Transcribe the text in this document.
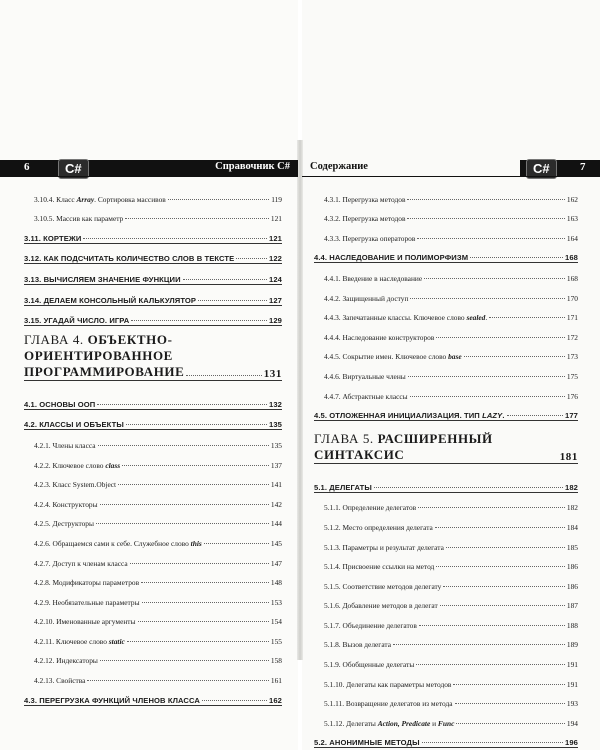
6	C#	Справочник C# Содержание	C#	7
3.10.4. Класс Array. Сортировка массивов	119
3.10.5. Массив как параметр	121
3.11. КОРТЕЖИ	121
3.12. КАК ПОДСЧИТАТЬ КОЛИЧЕСТВО СЛОВ В ТЕКСТЕ	122
3.13. ВЫЧИСЛЯЕМ ЗНАЧЕНИЕ ФУНКЦИИ	124
3.14. ДЕЛАЕМ КОНСОЛЬНЫЙ КАЛЬКУЛЯТОР	127
3.15. УГАДАЙ ЧИСЛО. ИГРА	129
ГЛАВА 4. ОБЪЕКТНО-ОРИЕНТИРОВАННОЕ
ПРОГРАММИРОВАНИЕ	131
4.1. ОСНОВЫ ООП	132
4.2. КЛАССЫ И ОБЪЕКТЫ	135
4.2.1. Члены класса	135
4.2.2. Ключевое слово class	137
4.2.3. Класс System.Object	141
4.2.4. Конструкторы	142
4.2.5. Деструкторы	144
4.2.6. Обращаемся сами к себе. Служебное слово this	145
4.2.7. Доступ к членам класса	147
4.2.8. Модификаторы параметров	148
4.2.9. Необязательные параметры	153
4.2.10. Именованные аргументы	154
4.2.11. Ключевое слово static	155
4.2.12. Индексаторы	158
4.2.13. Свойства	161
4.3. ПЕРЕГРУЗКА ФУНКЦИЙ ЧЛЕНОВ КЛАССА	162
4.3.1. Перегрузка методов	162
4.3.2. Перегрузка методов	163
4.3.3. Перегрузка операторов	164
4.4. НАСЛЕДОВАНИЕ И ПОЛИМОРФИЗМ	168
4.4.1. Введение в наследование	168
4.4.2. Защищенный доступ	170
4.4.3. Запечатанные классы. Ключевое слово sealed.	171
4.4.4. Наследование конструкторов	172
4.4.5. Сокрытие имен. Ключевое слово base	173
4.4.6. Виртуальные члены	175
4.4.7. Абстрактные классы	176
4.5. ОТЛОЖЕННАЯ ИНИЦИАЛИЗАЦИЯ. ТИП LAZY.	177
ГЛАВА 5. РАСШИРЕННЫЙ СИНТАКСИС	181
5.1. ДЕЛЕГАТЫ	182
5.1.1. Определение делегатов	182
5.1.2. Место определения делегата	184
5.1.3. Параметры и результат делегата	185
5.1.4. Присвоение ссылки на метод	186
5.1.5. Соответствие методов делегату	186
5.1.6. Добавление методов в делегат	187
5.1.7. Объединение делегатов	188
5.1.8. Вызов делегата	189
5.1.9. Обобщенные делегаты	191
5.1.10. Делегаты как параметры методов	191
5.1.11. Возвращение делегатов из метода	193
5.1.12. Делегаты Action, Predicate и Func	194
5.2. АНОНИМНЫЕ МЕТОДЫ	196
